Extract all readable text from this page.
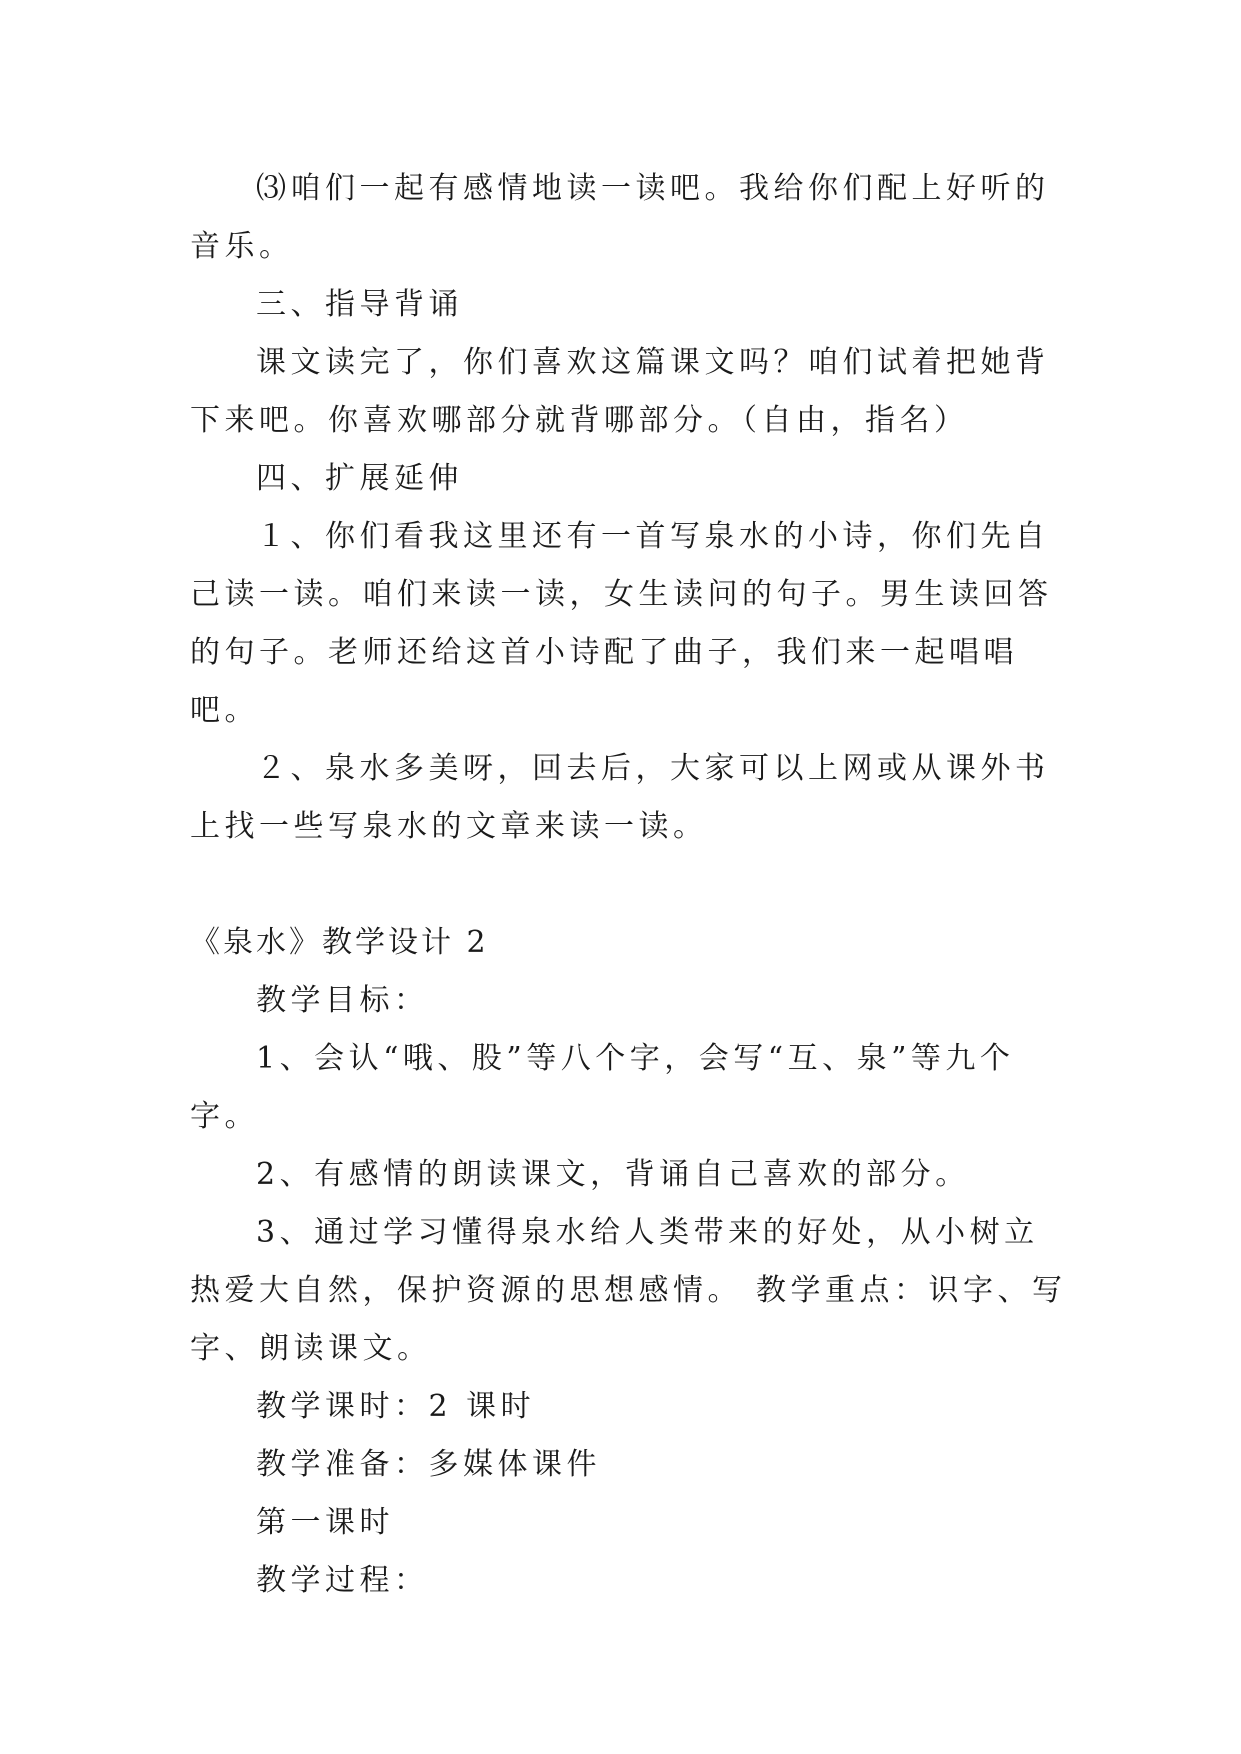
⑶咱们一起有感情地读一读吧。我给你们配上好听的音乐。

三、指导背诵

课文读完了，你们喜欢这篇课文吗？咱们试着把她背下来吧。你喜欢哪部分就背哪部分。（自由，指名）

四、扩展延伸

１、你们看我这里还有一首写泉水的小诗，你们先自己读一读。咱们来读一读，女生读问的句子。男生读回答的句子。老师还给这首小诗配了曲子，我们来一起唱唱吧。

２、泉水多美呀，回去后，大家可以上网或从课外书上找一些写泉水的文章来读一读。

《泉水》教学设计 2

教学目标：

1、会认“哦、股”等八个字，会写“互、泉”等九个字。

2、有感情的朗读课文，背诵自己喜欢的部分。

3、通过学习懂得泉水给人类带来的好处，从小树立热爱大自然，保护资源的思想感情。 教学重点：识字、写字、朗读课文。

教学课时：2 课时

教学准备：多媒体课件

第一课时

教学过程：
